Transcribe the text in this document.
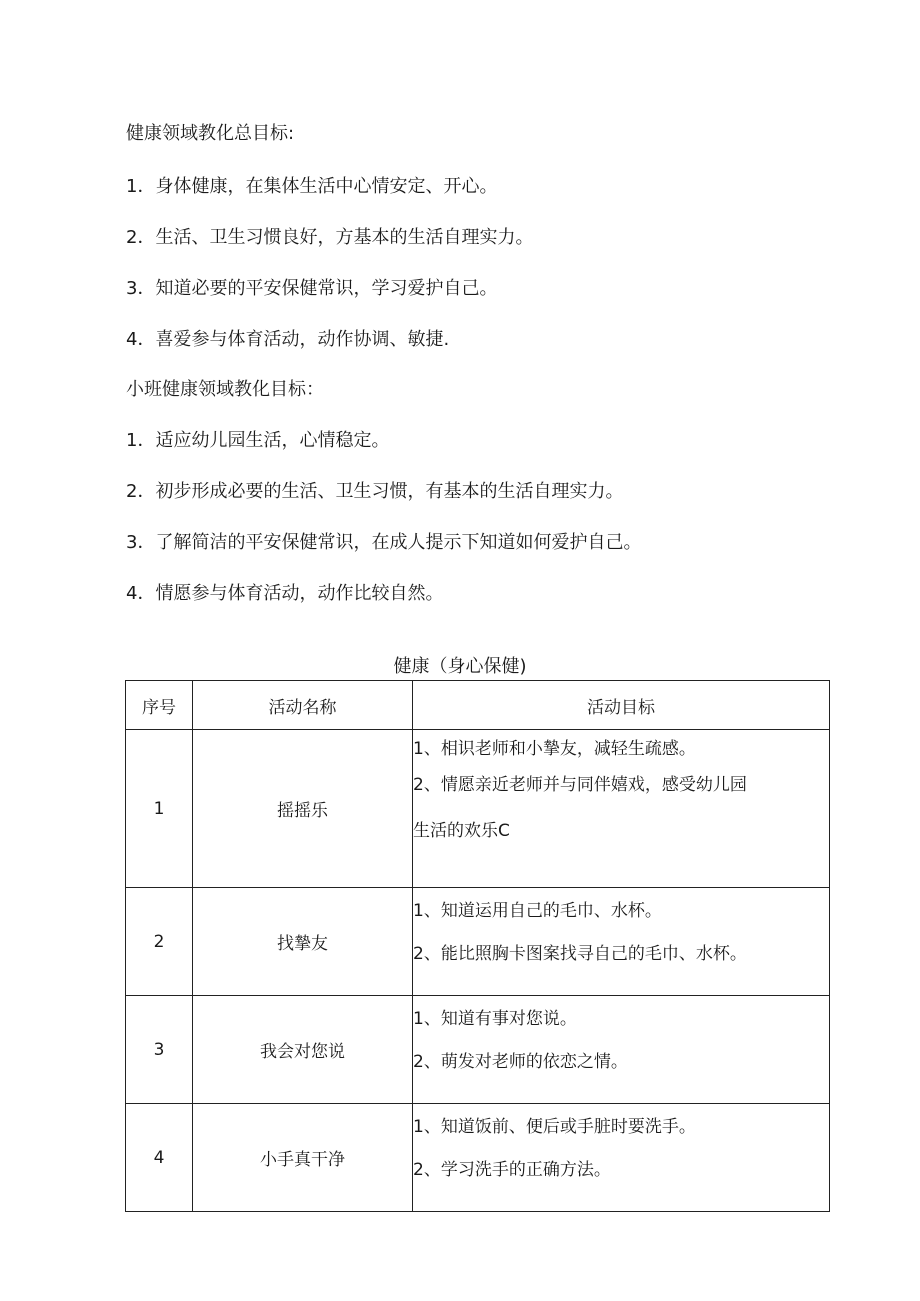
健康领域教化总目标:
1．身体健康，在集体生活中心情安定、开心。
2．生活、卫生习惯良好，方基本的生活自理实力。
3．知道必要的平安保健常识，学习爱护自己。
4．喜爱参与体育活动，动作协调、敏捷.
小班健康领域教化目标：
1．适应幼儿园生活，心情稳定。
2．初步形成必要的生活、卫生习惯，有基本的生活自理实力。
3．了解简洁的平安保健常识，在成人提示下知道如何爱护自己。
4．情愿参与体育活动，动作比较自然。
健康（身心保健)
序号	活动名称	活动目标
1	摇摇乐	1、相识老师和小摯友，减轻生疏感。
2、情愿亲近老师并与同伴嬉戏，感受幼儿园
生活的欢乐C

2	找摯友	1、知道运用自己的毛巾、水杯。
2、能比照胸卡图案找寻自己的毛巾、水杯。

3	我会对您说	1、知道有事对您说。
2、萌发对老师的依恋之情。

4	小手真干净	1、知道饭前、便后或手脏时要洗手。
2、学习洗手的正确方法。
